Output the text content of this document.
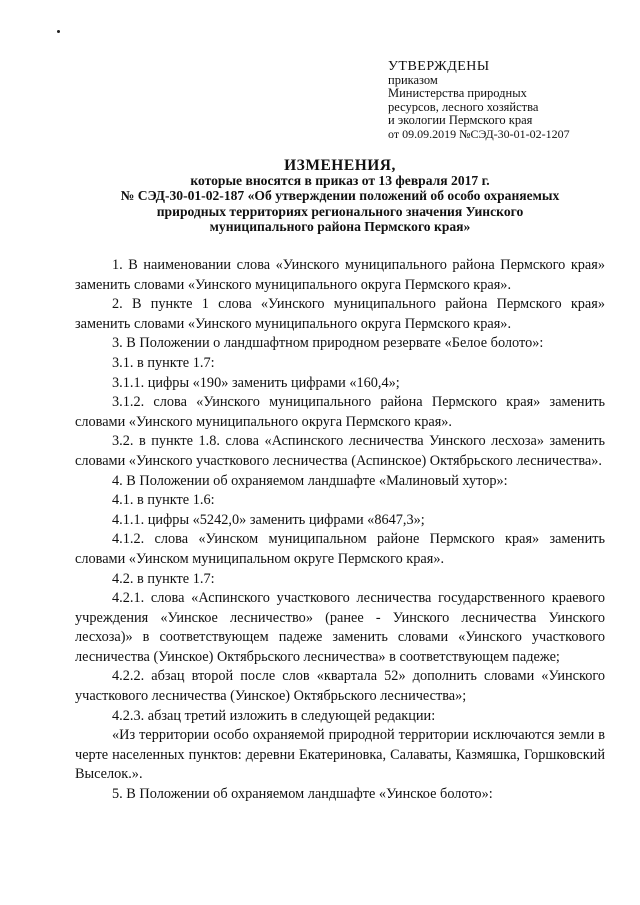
УТВЕРЖДЕНЫ
приказом
Министерства природных
ресурсов, лесного хозяйства
и экологии Пермского края
от 09.09.2019 №СЭД-30-01-02-1207
ИЗМЕНЕНИЯ,
которые вносятся в приказ от 13 февраля 2017 г.
№ СЭД-30-01-02-187 «Об утверждении положений об особо охраняемых
природных территориях регионального значения Уинского
муниципального района Пермского края»

1. В наименовании слова «Уинского муниципального района Пермского края» заменить словами «Уинского муниципального округа Пермского края».

2. В пункте 1 слова «Уинского муниципального района Пермского края» заменить словами «Уинского муниципального округа Пермского края».

3. В Положении о ландшафтном природном резервате «Белое болото»:

3.1. в пункте 1.7:

3.1.1. цифры «190» заменить цифрами «160,4»;

3.1.2. слова «Уинского муниципального района Пермского края» заменить словами «Уинского муниципального округа Пермского края».

3.2. в пункте 1.8. слова «Аспинского лесничества Уинского лесхоза» заменить словами «Уинского участкового лесничества (Аспинское) Октябрьского лесничества».

4. В Положении об охраняемом ландшафте «Малиновый хутор»:

4.1. в пункте 1.6:

4.1.1. цифры «5242,0» заменить цифрами «8647,3»;

4.1.2. слова «Уинском муниципальном районе Пермского края» заменить словами «Уинском муниципальном округе Пермского края».

4.2. в пункте 1.7:

4.2.1. слова «Аспинского участкового лесничества государственного краевого учреждения «Уинское лесничество» (ранее - Уинского лесничества Уинского лесхоза)» в соответствующем падеже заменить словами «Уинского участкового лесничества (Уинское) Октябрьского лесничества» в соответствующем падеже;

4.2.2. абзац второй после слов «квартала 52» дополнить словами «Уинского участкового лесничества (Уинское) Октябрьского лесничества»;

4.2.3. абзац третий изложить в следующей редакции:

«Из территории особо охраняемой природной территории исключаются земли в черте населенных пунктов: деревни Екатериновка, Салаваты, Казмяшка, Горшковский Выселок.».

5. В Положении об охраняемом ландшафте «Уинское болото»:
